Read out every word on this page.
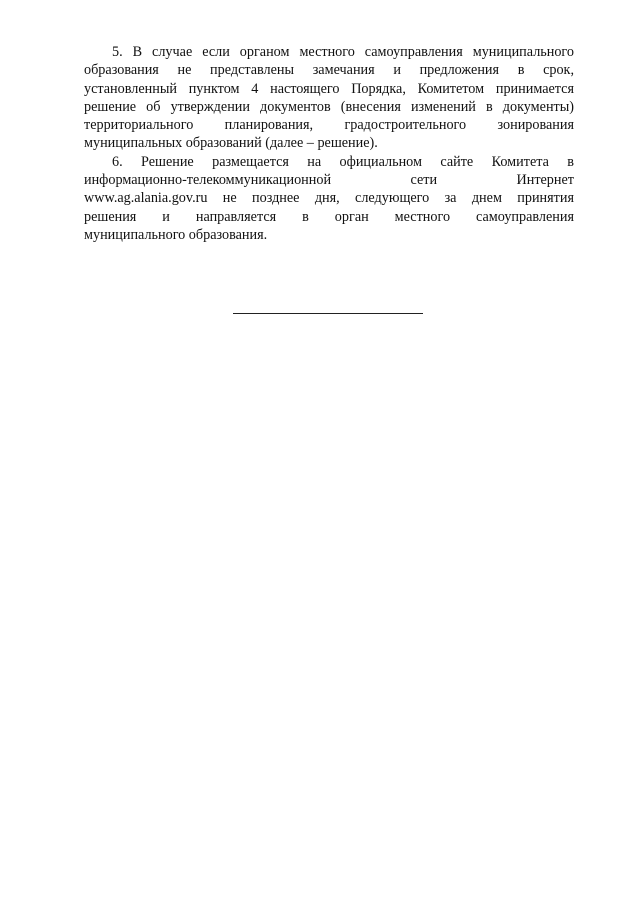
5. В случае если органом местного самоуправления муниципального
образования не представлены замечания и предложения в срок,
установленный пунктом 4 настоящего Порядка, Комитетом принимается
решение об утверждении документов (внесения изменений в документы)
территориального планирования, градостроительного зонирования
муниципальных образований (далее – решение).
6. Решение размещается на официальном сайте Комитета в
информационно-телекоммуникационной сети Интернет
www.ag.alania.gov.ru не позднее дня, следующего за днем принятия
решения и направляется в орган местного самоуправления
муниципального образования.
